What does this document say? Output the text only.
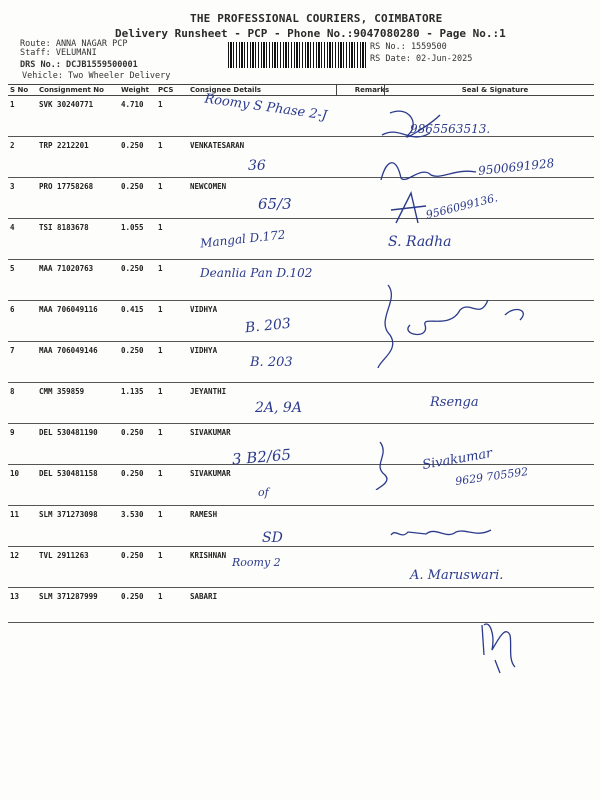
THE PROFESSIONAL COURIERS, COIMBATORE
Delivery Runsheet - PCP - Phone No.:9047080280 - Page No.:1
Route: ANNA NAGAR PCP
Staff: VELUMANI
DRS No.: DCJB1559500001
Vehicle: Two Wheeler Delivery
RS No.: 1559500
RS Date: 02-Jun-2025
S No	Consignment No	Weight	PCS	Consignee Details	Remarks	Seal & Signature
1	SVK 30240771	4.710	1			
2	TRP 2212201	0.250	1	VENKATESARAN		
3	PRO 17758268	0.250	1	NEWCOMEN		
4	TSI 8183678	1.055	1			
5	MAA 71020763	0.250	1			
6	MAA 706049116	0.415	1	VIDHYA		
7	MAA 706049146	0.250	1	VIDHYA		
8	CMM 359859	1.135	1	JEYANTHI		
9	DEL 530481190	0.250	1	SIVAKUMAR		
10	DEL 530481158	0.250	1	SIVAKUMAR		
11	SLM 371273098	3.530	1	RAMESH		
12	TVL 2911263	0.250	1	KRISHNAN		
13	SLM 371287999	0.250	1	SABARI		
Roomy S Phase 2-J
9865563513.
36	9500691928
65/3	9566099136.
Mangal D.172	S. Radha
Deanlia Pan D.102
B. 203
B. 203
2A, 9A	Rsenga
3 B2/65
of
Sivakumar
9629 705592
SD
Roomy 2
A. Maruswari.
